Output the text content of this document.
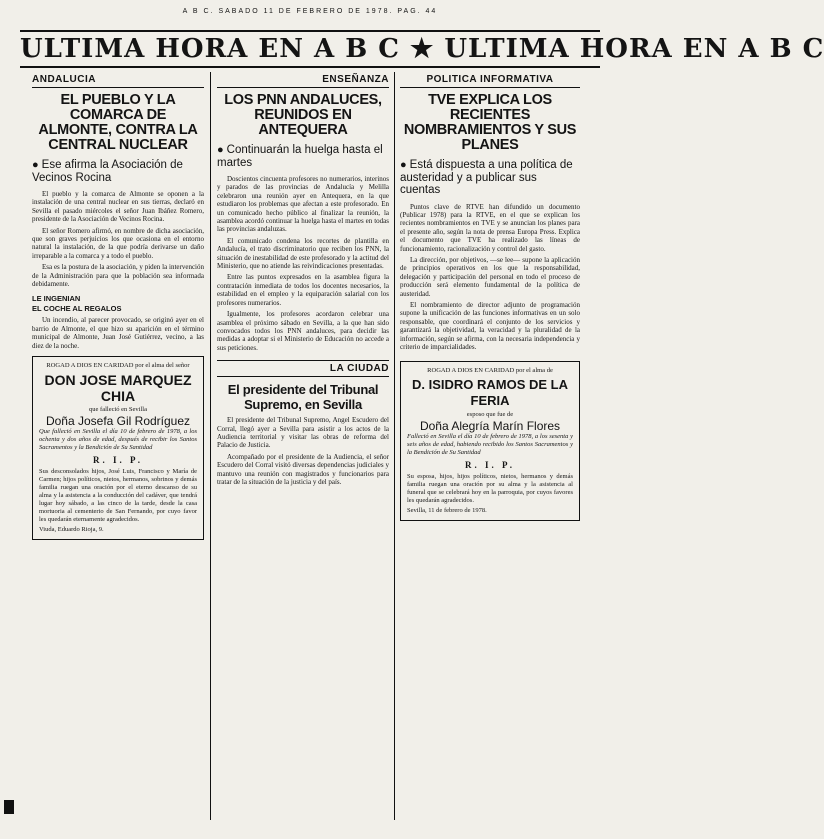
A B C. SABADO 11 DE FEBRERO DE 1978. PAG. 44
ULTIMA HORA EN A B C ★ ULTIMA HORA EN A B C
ANDALUCIA
EL PUEBLO Y LA COMARCA DE ALMONTE, CONTRA LA CENTRAL NUCLEAR
● Ese afirma la Asociación de Vecinos Rocina

El pueblo y la comarca de Almonte se oponen a la instalación de una central nuclear en sus tierras, declaró en Sevilla el pasado miércoles el señor Juan Ibáñez Romero, presidente de la Asociación de Vecinos Rocina.

El señor Romero afirmó, en nombre de dicha asociación, que son graves perjuicios los que ocasiona en el entorno natural la instalación, de la que podría derivarse un daño irreparable a la comarca y a todo el pueblo.

Esa es la postura de la asociación, y piden la intervención de la Administración para que la población sea informada debidamente.

LE INGENIAN
EL COCHE AL REGALOS

Un incendio, al parecer provocado, se originó ayer en el barrio de Almonte, el que hizo su aparición en el término municipal de Almonte, Juan José Gutiérrez, vecino, a las diez de la noche.

ROGAD A DIOS EN CARIDAD por el alma del señor
DON JOSE MARQUEZ CHIA
que falleció en Sevilla
Doña Josefa Gil Rodríguez
Que falleció en Sevilla el día 10 de febrero de 1978, a los ochenta y dos años de edad, después de recibir los Santos Sacramentos y la Bendición de Su Santidad
R. I. P.
Sus desconsolados hijos, José Luis, Francisco y María de Carmen; hijos políticos, nietos, hermanos, sobrinos y demás familia ruegan una oración por el eterno descanso de su alma y la asistencia a la conducción del cadáver, que tendrá lugar hoy sábado, a las cinco de la tarde, desde la casa mortuoria al cementerio de San Fernando, por cuyo favor les quedarán eternamente agradecidos.
Viuda, Eduardo Rioja, 9.
ENSEÑANZA
LOS PNN ANDALUCES, REUNIDOS EN ANTEQUERA
● Continuarán la huelga hasta el martes

Doscientos cincuenta profesores no numerarios, interinos y parados de las provincias de Andalucía y Melilla celebraron una reunión ayer en Antequera, en la que estudiaron los problemas que afectan a este profesorado. En un comunicado hecho público al finalizar la reunión, la asamblea acordó continuar la huelga hasta el martes en todas las provincias andaluzas.

El comunicado condena los recortes de plantilla en Andalucía, el trato discriminatorio que reciben los PNN, la situación de inestabilidad de este profesorado y la actitud del Ministerio, que no atiende las reivindicaciones presentadas.

Entre las puntos expresados en la asamblea figura la contratación inmediata de todos los docentes necesarios, la estabilidad en el empleo y la equiparación salarial con los profesores numerarios.

Igualmente, los profesores acordaron celebrar una asamblea el próximo sábado en Sevilla, a la que han sido convocados todos los PNN andaluces, para decidir las medidas a adoptar si el Ministerio de Educación no accede a sus peticiones.

LA CIUDAD
El presidente del Tribunal Supremo, en Sevilla

El presidente del Tribunal Supremo, Angel Escudero del Corral, llegó ayer a Sevilla para asistir a los actos de la Audiencia territorial y visitar las obras de reforma del Palacio de Justicia.

Acompañado por el presidente de la Audiencia, el señor Escudero del Corral visitó diversas dependencias judiciales y mantuvo una reunión con magistrados y funcionarios para tratar de la situación de la justicia y del país.

POLITICA INFORMATIVA
TVE EXPLICA LOS RECIENTES NOMBRAMIENTOS Y SUS PLANES
● Está dispuesta a una política de austeridad y a publicar sus cuentas

Puntos clave de RTVE han difundido un documento (Publicar 1978) para la RTVE, en el que se explican los recientes nombramientos en TVE y se anuncian los planes para el presente año, según la nota de prensa Europa Press. Explica el documento que TVE ha realizado las líneas de funcionamiento, racionalización y control del gasto.

La dirección, por objetivos, —se lee— supone la aplicación de principios operativos en los que la responsabilidad, delegación y participación del personal en todo el proceso de producción será elemento fundamental de la política de austeridad.

El nombramiento de director adjunto de programación supone la unificación de las funciones informativas en un solo responsable, que coordinará el conjunto de los servicios y garantizará la objetividad, la veracidad y la pluralidad de la información, según se afirma, con la necesaria independencia y criterio de imparcialidades.

ROGAD A DIOS EN CARIDAD por el alma de
D. ISIDRO RAMOS DE LA FERIA
esposo que fue de
Doña Alegría Marín Flores
Falleció en Sevilla el día 10 de febrero de 1978, a los sesenta y seis años de edad, habiendo recibido los Santos Sacramentos y la Bendición de Su Santidad
R. I. P.
Su esposa, hijos, hijos políticos, nietos, hermanos y demás familia ruegan una oración por su alma y la asistencia al funeral que se celebrará hoy en la parroquia, por cuyos favores les quedarán agradecidos.
Sevilla, 11 de febrero de 1978.
